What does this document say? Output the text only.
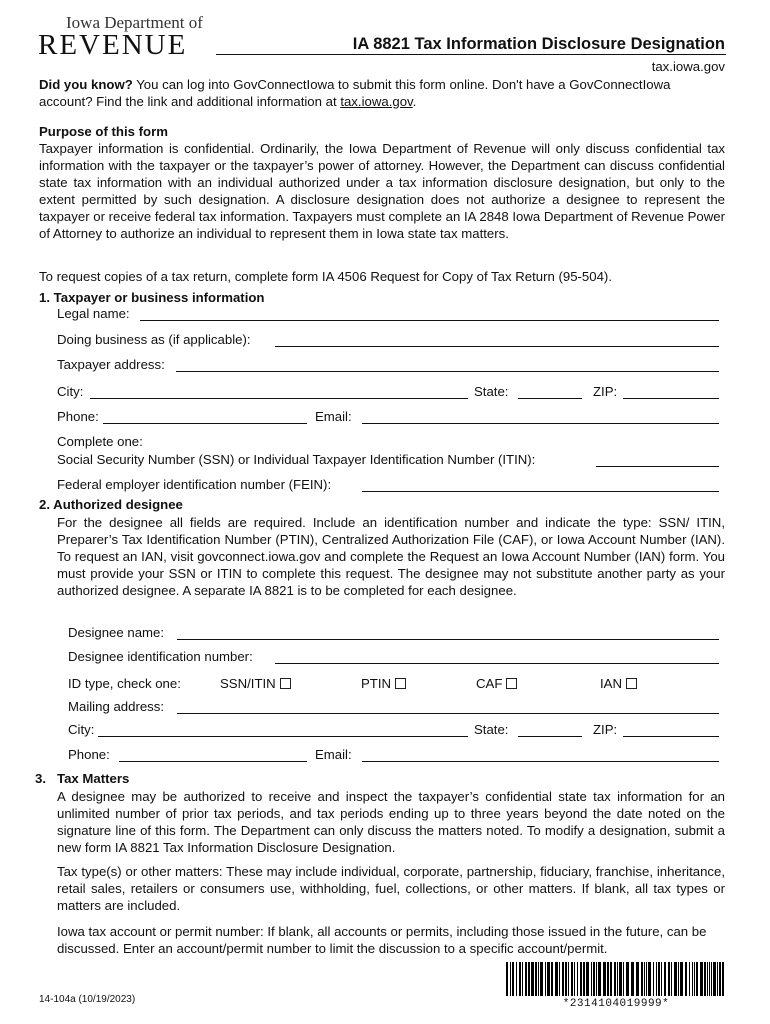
Iowa Department of
REVENUE	IA 8821 Tax Information Disclosure Designation
tax.iowa.gov

Did you know? You can log into GovConnectIowa to submit this form online. Don't have a GovConnectIowa account? Find the link and additional information at tax.iowa.gov.

Purpose of this form

Taxpayer information is confidential. Ordinarily, the Iowa Department of Revenue will only discuss confidential tax information with the taxpayer or the taxpayer’s power of attorney. However, the Department can discuss confidential state tax information with an individual authorized under a tax information disclosure designation, but only to the extent permitted by such designation. A disclosure designation does not authorize a designee to represent the taxpayer or receive federal tax information. Taxpayers must complete an IA 2848 Iowa Department of Revenue Power of Attorney to authorize an individual to represent them in Iowa state tax matters.

To request copies of a tax return, complete form IA 4506 Request for Copy of Tax Return (95-504).

1. Taxpayer or business information
Legal name:
Doing business as (if applicable):
Taxpayer address:
City:	State:	ZIP:
Phone:	Email:
Complete one:
Social Security Number (SSN) or Individual Taxpayer Identification Number (ITIN):
Federal employer identification number (FEIN):
2. Authorized designee

For the designee all fields are required. Include an identification number and indicate the type: SSN/ ITIN, Preparer’s Tax Identification Number (PTIN), Centralized Authorization File (CAF), or Iowa Account Number (IAN). To request an IAN, visit govconnect.iowa.gov and complete the Request an Iowa Account Number (IAN) form. You must provide your SSN or ITIN to complete this request. The designee may not substitute another party as your authorized designee. A separate IA 8821 is to be completed for each designee.

Designee name:
Designee identification number:
ID type, check one:	SSN/ITIN	PTIN	CAF	IAN
Mailing address:
City:	State:	ZIP:
Phone:	Email:
3. Tax Matters

A designee may be authorized to receive and inspect the taxpayer’s confidential state tax information for an unlimited number of prior tax periods, and tax periods ending up to three years beyond the date noted on the signature line of this form. The Department can only discuss the matters noted. To modify a designation, submit a new form IA 8821 Tax Information Disclosure Designation.

Tax type(s) or other matters: These may include individual, corporate, partnership, fiduciary, franchise, inheritance, retail sales, retailers or consumers use, withholding, fuel, collections, or other matters. If blank, all tax types or matters are included.

Iowa tax account or permit number: If blank, all accounts or permits, including those issued in the future, can be discussed. Enter an account/permit number to limit the discussion to a specific account/permit.

14-104a (10/19/2023)	*2314104019999*
